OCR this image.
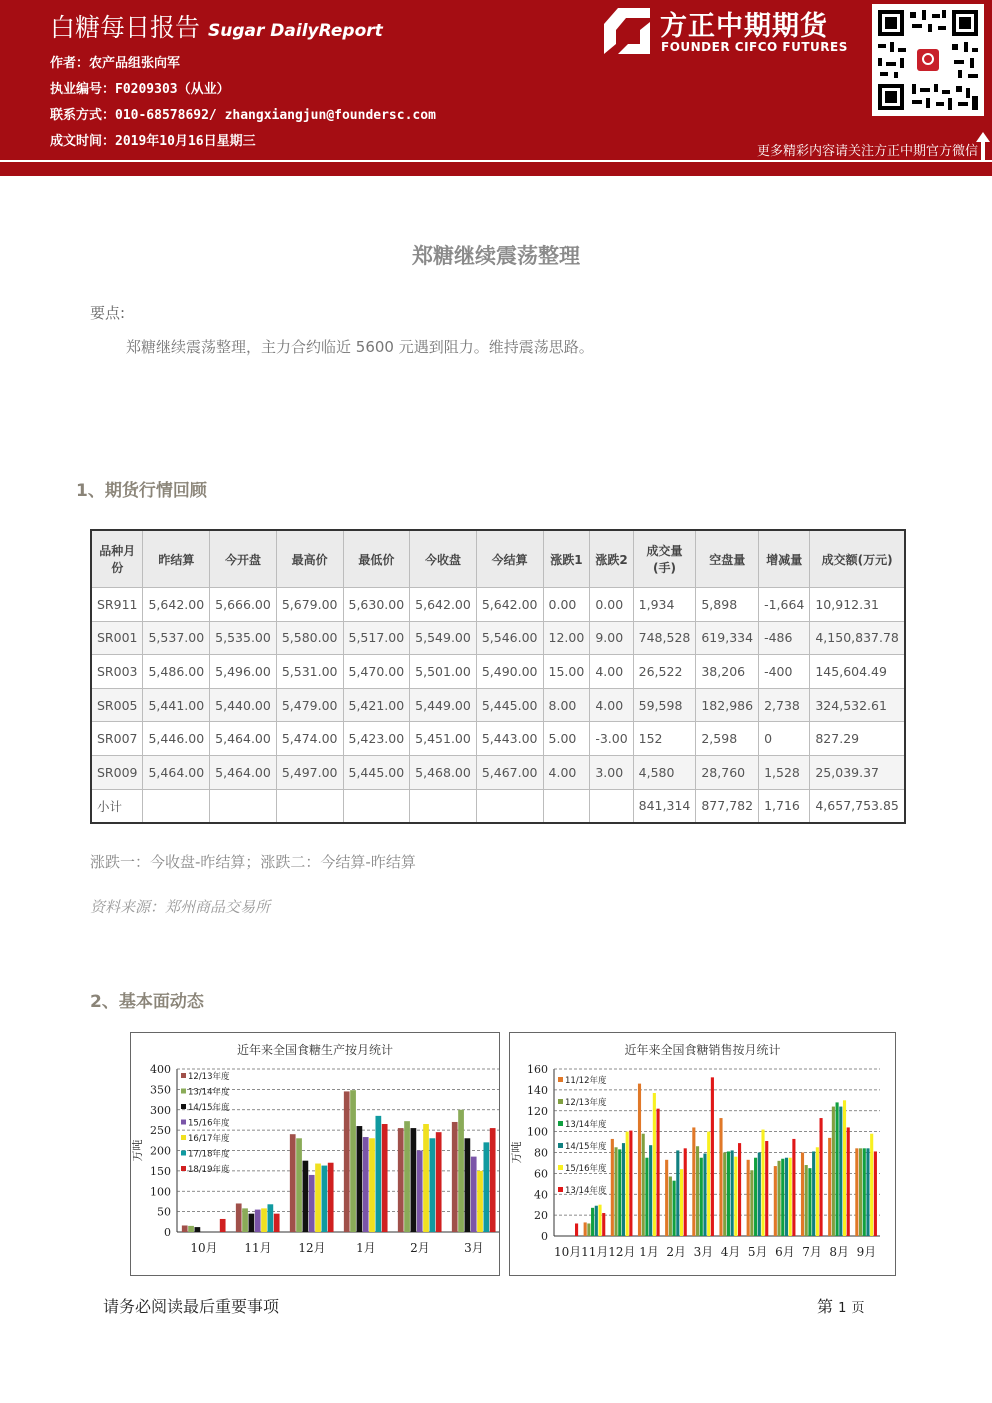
白糖每日报告 Sugar DailyReport
作者：农产品组张向军
执业编号：F0209303（从业）
联系方式：010-68578692/ zhangxiangjun@foundersc.com
成文时间：2019年10月16日星期三
方正中期期货
FOUNDER CIFCO FUTURES
更多精彩内容请关注方正中期官方微信
郑糖继续震荡整理
要点:
郑糖继续震荡整理，主力合约临近 5600 元遇到阻力。维持震荡思路。
1、期货行情回顾
品种月份	昨结算	今开盘	最高价	最低价	今收盘	今结算	涨跌1	涨跌2	成交量(手)	空盘量	增减量	成交额(万元)
SR911	5,642.00	5,666.00	5,679.00	5,630.00	5,642.00	5,642.00	0.00	0.00	1,934	5,898	-1,664	10,912.31
SR001	5,537.00	5,535.00	5,580.00	5,517.00	5,549.00	5,546.00	12.00	9.00	748,528	619,334	-486	4,150,837.78
SR003	5,486.00	5,496.00	5,531.00	5,470.00	5,501.00	5,490.00	15.00	4.00	26,522	38,206	-400	145,604.49
SR005	5,441.00	5,440.00	5,479.00	5,421.00	5,449.00	5,445.00	8.00	4.00	59,598	182,986	2,738	324,532.61
SR007	5,446.00	5,464.00	5,474.00	5,423.00	5,451.00	5,443.00	5.00	-3.00	152	2,598	0	827.29
SR009	5,464.00	5,464.00	5,497.00	5,445.00	5,468.00	5,467.00	4.00	3.00	4,580	28,760	1,528	25,039.37
小计									841,314	877,782	1,716	4,657,753.85
涨跌一：今收盘-昨结算；涨跌二：今结算-昨结算
资料来源：郑州商品交易所
2、基本面动态
近年来全国食糖生产按月统计
0
50
100
150
200
250
300
350
400
万吨
10月 11月 12月	1月	2月	3月
12/13年度
13/14年度
14/15年度
15/16年度
16/17年度
17/18年度
18/19年度
近年来全国食糖销售按月统计
0
20
40
60
80
100
120
140
160
万吨
10月 11月 12月 1月 2月 3月 4月 5月 6月 7月 8月 9月
11/12年度
12/13年度
13/14年度
14/15年度
15/16年度
13/14年度
请务必阅读最后重要事项	第 1 页
